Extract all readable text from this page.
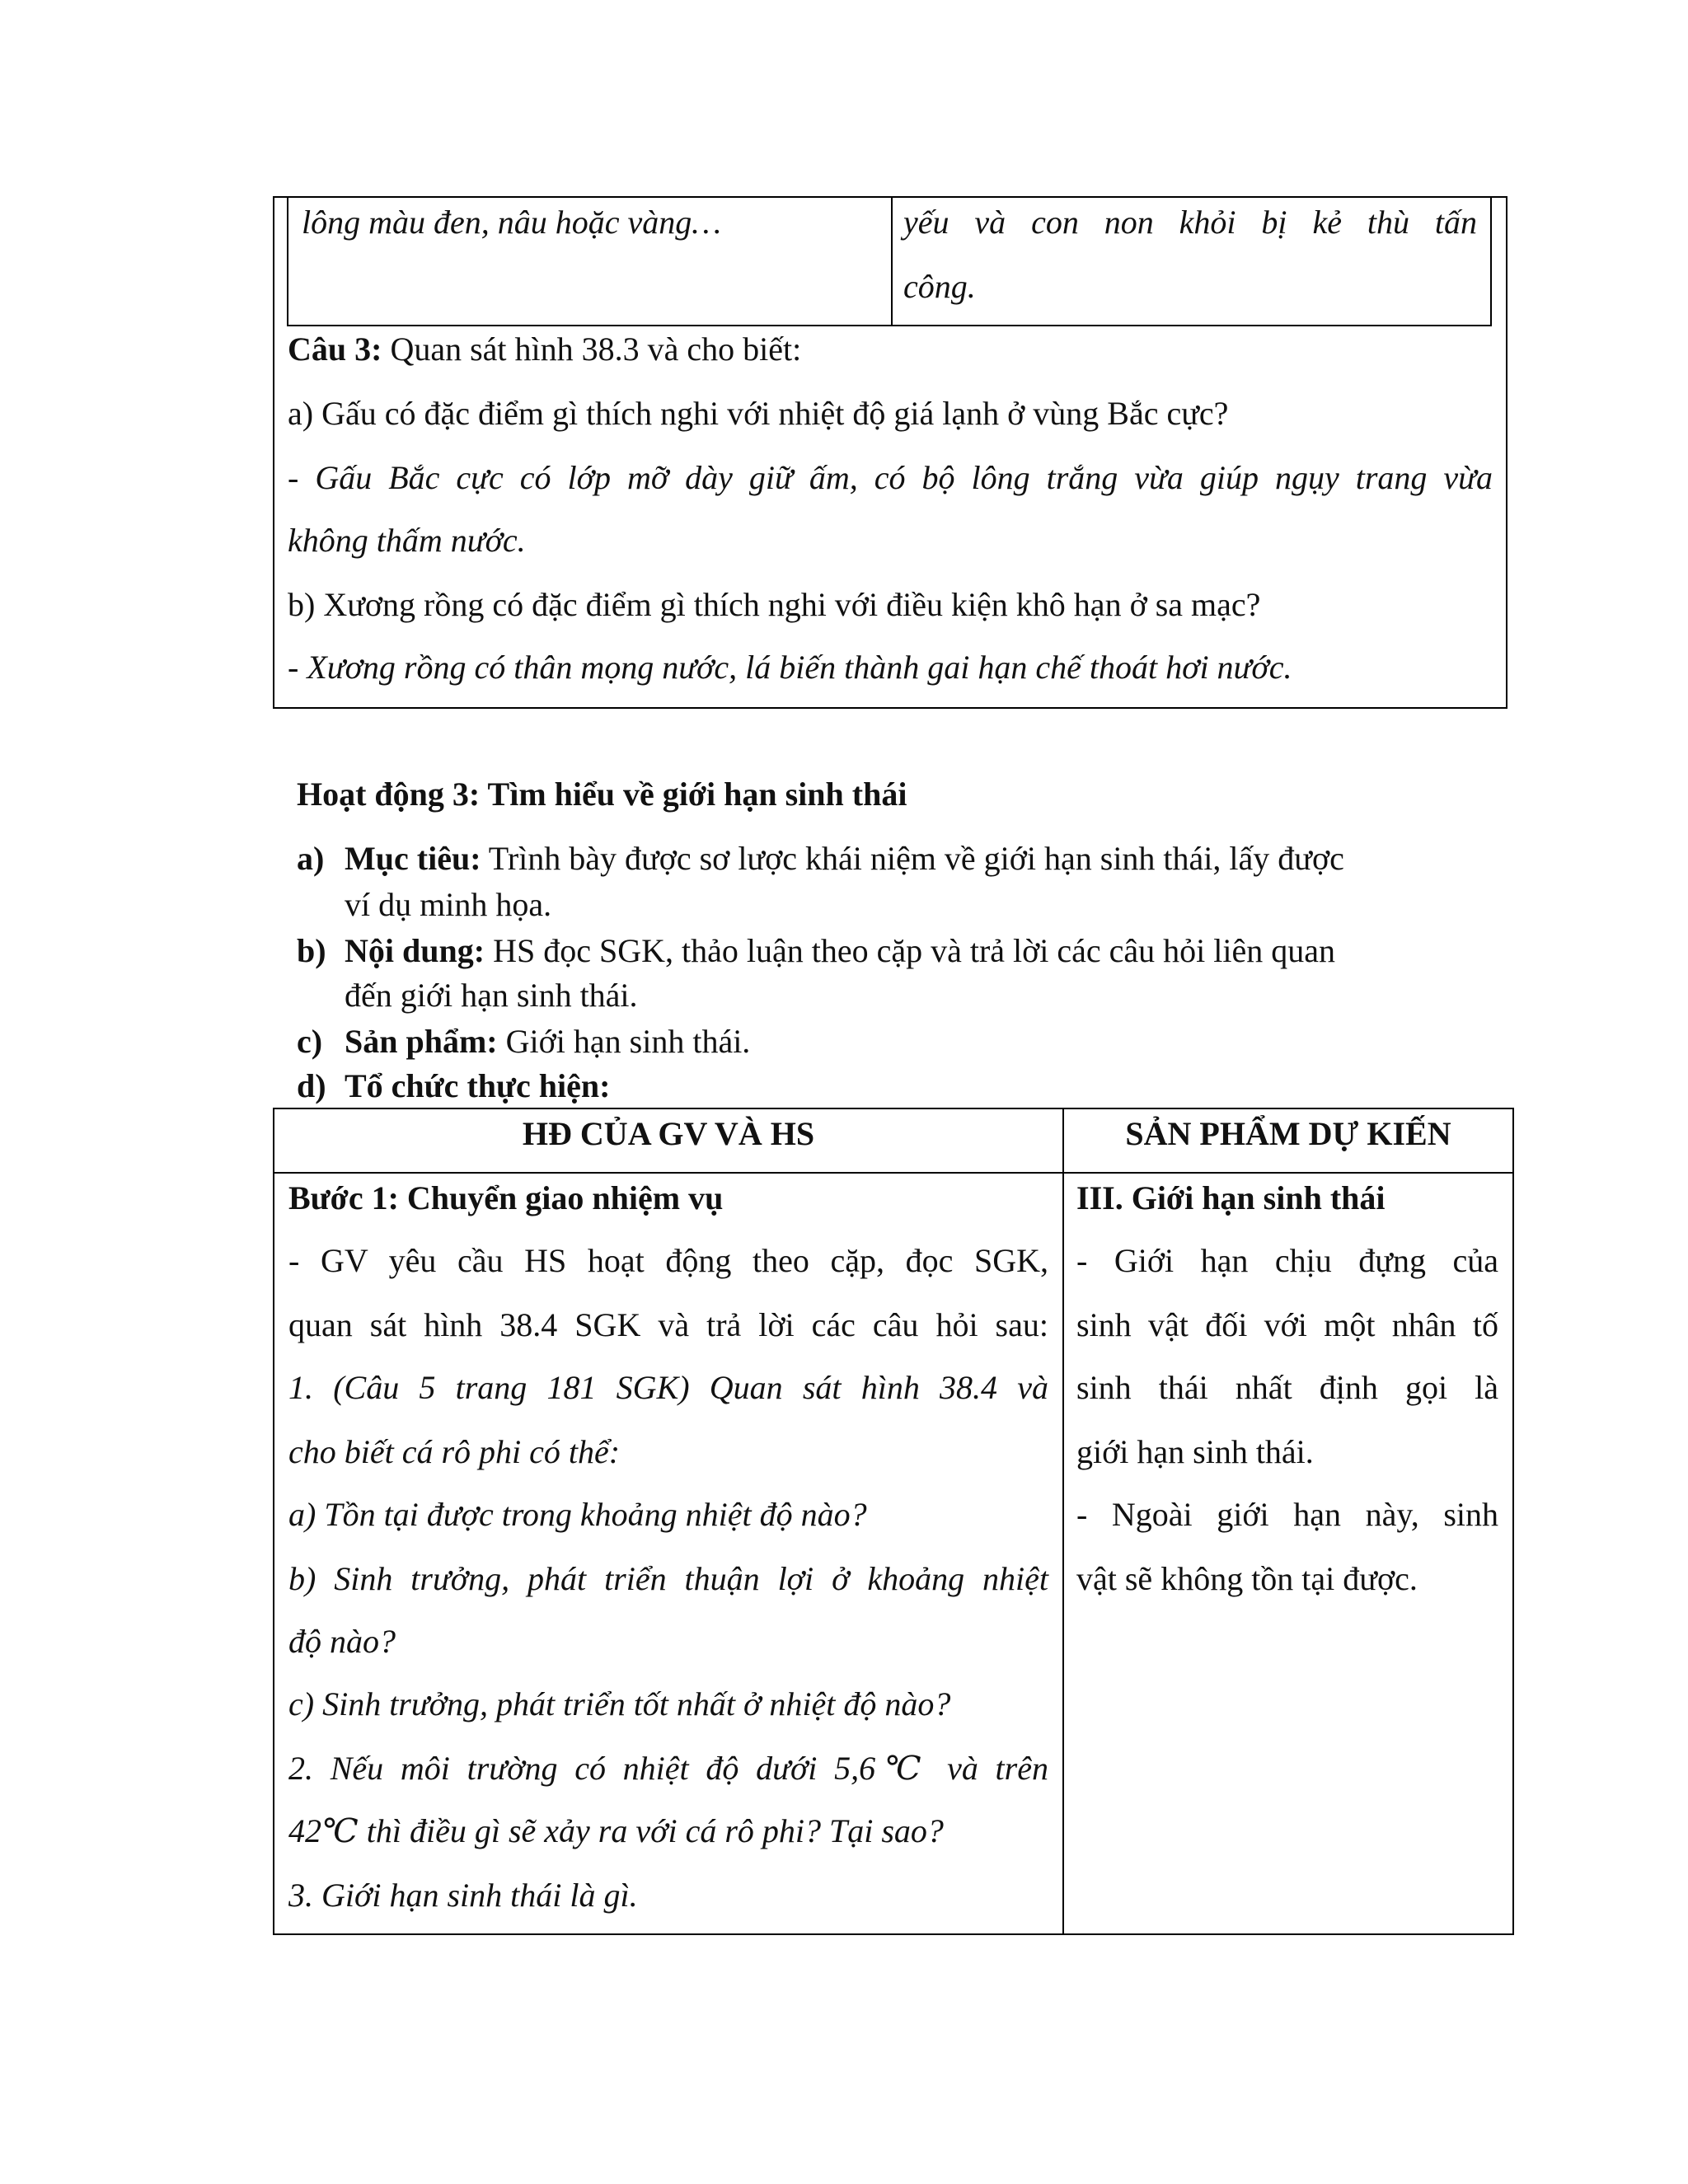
lông màu đen, nâu hoặc vàng…	yếu và con non khỏi bị kẻ thù tấn
công.
Câu 3: Quan sát hình 38.3 và cho biết:
a) Gấu có đặc điểm gì thích nghi với nhiệt độ giá lạnh ở vùng Bắc cực?
- Gấu Bắc cực có lớp mỡ dày giữ ấm, có bộ lông trắng vừa giúp ngụy trang vừa
không thấm nước.
b) Xương rồng có đặc điểm gì thích nghi với điều kiện khô hạn ở sa mạc?
- Xương rồng có thân mọng nước, lá biến thành gai hạn chế thoát hơi nước.
Hoạt động 3: Tìm hiểu về giới hạn sinh thái
a) Mục tiêu: Trình bày được sơ lược khái niệm về giới hạn sinh thái, lấy được
ví dụ minh họa.
b) Nội dung: HS đọc SGK, thảo luận theo cặp và trả lời các câu hỏi liên quan
đến giới hạn sinh thái.
c) Sản phẩm: Giới hạn sinh thái.
d) Tổ chức thực hiện:
HĐ CỦA GV VÀ HS	SẢN PHẨM DỰ KIẾN
Bước 1: Chuyển giao nhiệm vụ
- GV yêu cầu HS hoạt động theo cặp, đọc SGK,
quan sát hình 38.4 SGK và trả lời các câu hỏi sau:
1. (Câu 5 trang 181 SGK) Quan sát hình 38.4 và
cho biết cá rô phi có thể:
a) Tồn tại được trong khoảng nhiệt độ nào?
b) Sinh trưởng, phát triển thuận lợi ở khoảng nhiệt
độ nào?
c) Sinh trưởng, phát triển tốt nhất ở nhiệt độ nào?
2. Nếu môi trường có nhiệt độ dưới 5,6℃ và trên
42℃ thì điều gì sẽ xảy ra với cá rô phi? Tại sao?
3. Giới hạn sinh thái là gì.
III. Giới hạn sinh thái
- Giới hạn chịu đựng của
sinh vật đối với một nhân tố
sinh thái nhất định gọi là
giới hạn sinh thái.
- Ngoài giới hạn này, sinh
vật sẽ không tồn tại được.
